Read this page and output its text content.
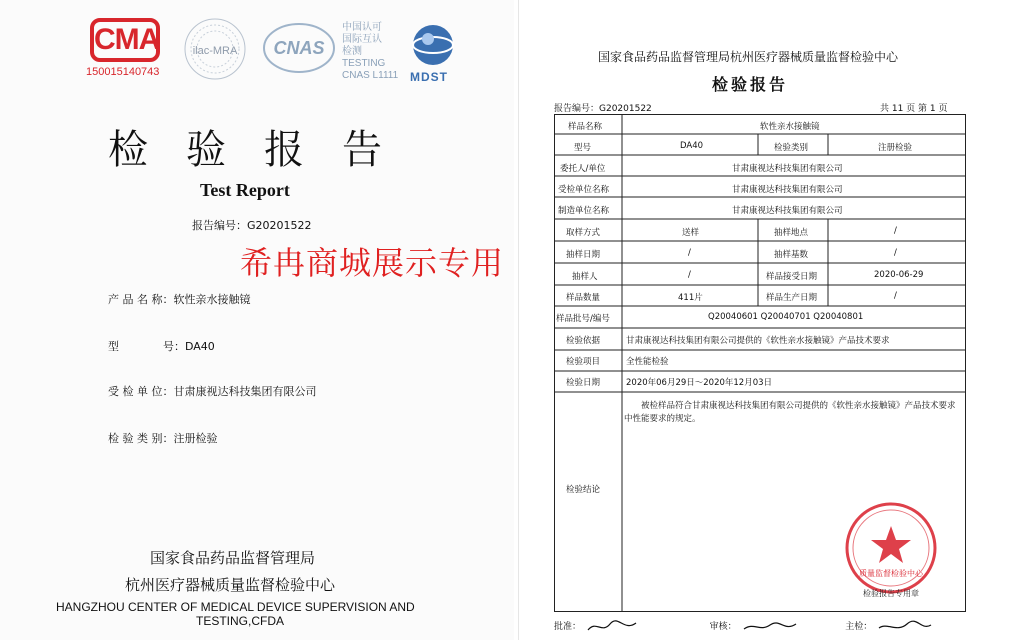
CMA
150015140743
ilac-MRA CNAS
中国认可
国际互认
检测
TESTING
CNAS L1111 MDST
检验报告
Test Report
报告编号：G20201522
希冉商城展示专用
产 品 名 称：软性亲水接触镜
型　　　　号：DA40
受 检 单 位：甘肃康视达科技集团有限公司
检 验 类 别：注册检验
国家食品药品监督管理局
杭州医疗器械质量监督检验中心
HANGZHOU CENTER OF MEDICAL DEVICE SUPERVISION AND
TESTING,CFDA
国家食品药品监督管理局杭州医疗器械质量监督检验中心
检验报告
报告编号：G20201522	共 11 页 第 1 页
样品名称	软性亲水接触镜
型号	DA40	检验类别	注册检验
委托人/单位	甘肃康视达科技集团有限公司
受检单位名称	甘肃康视达科技集团有限公司
制造单位名称	甘肃康视达科技集团有限公司
取样方式	送样	抽样地点	/
抽样日期	/	抽样基数	/
抽样人	/	样品接受日期	2020-06-29
样品数量	411片	样品生产日期	/
样品批号/编号	Q20040601 Q20040701 Q20040801
检验依据	甘肃康视达科技集团有限公司提供的《软性亲水接触镜》产品技术要求
检验项目	全性能检验
检验日期	2020年06月29日～2020年12月03日
检验结论
被检样品符合甘肃康视达科技集团有限公司提供的《软性亲水接触镜》产品技术要求中性能要求的规定。
质量监督检验中心
检验报告专用章
批准：	审核：	主检：
